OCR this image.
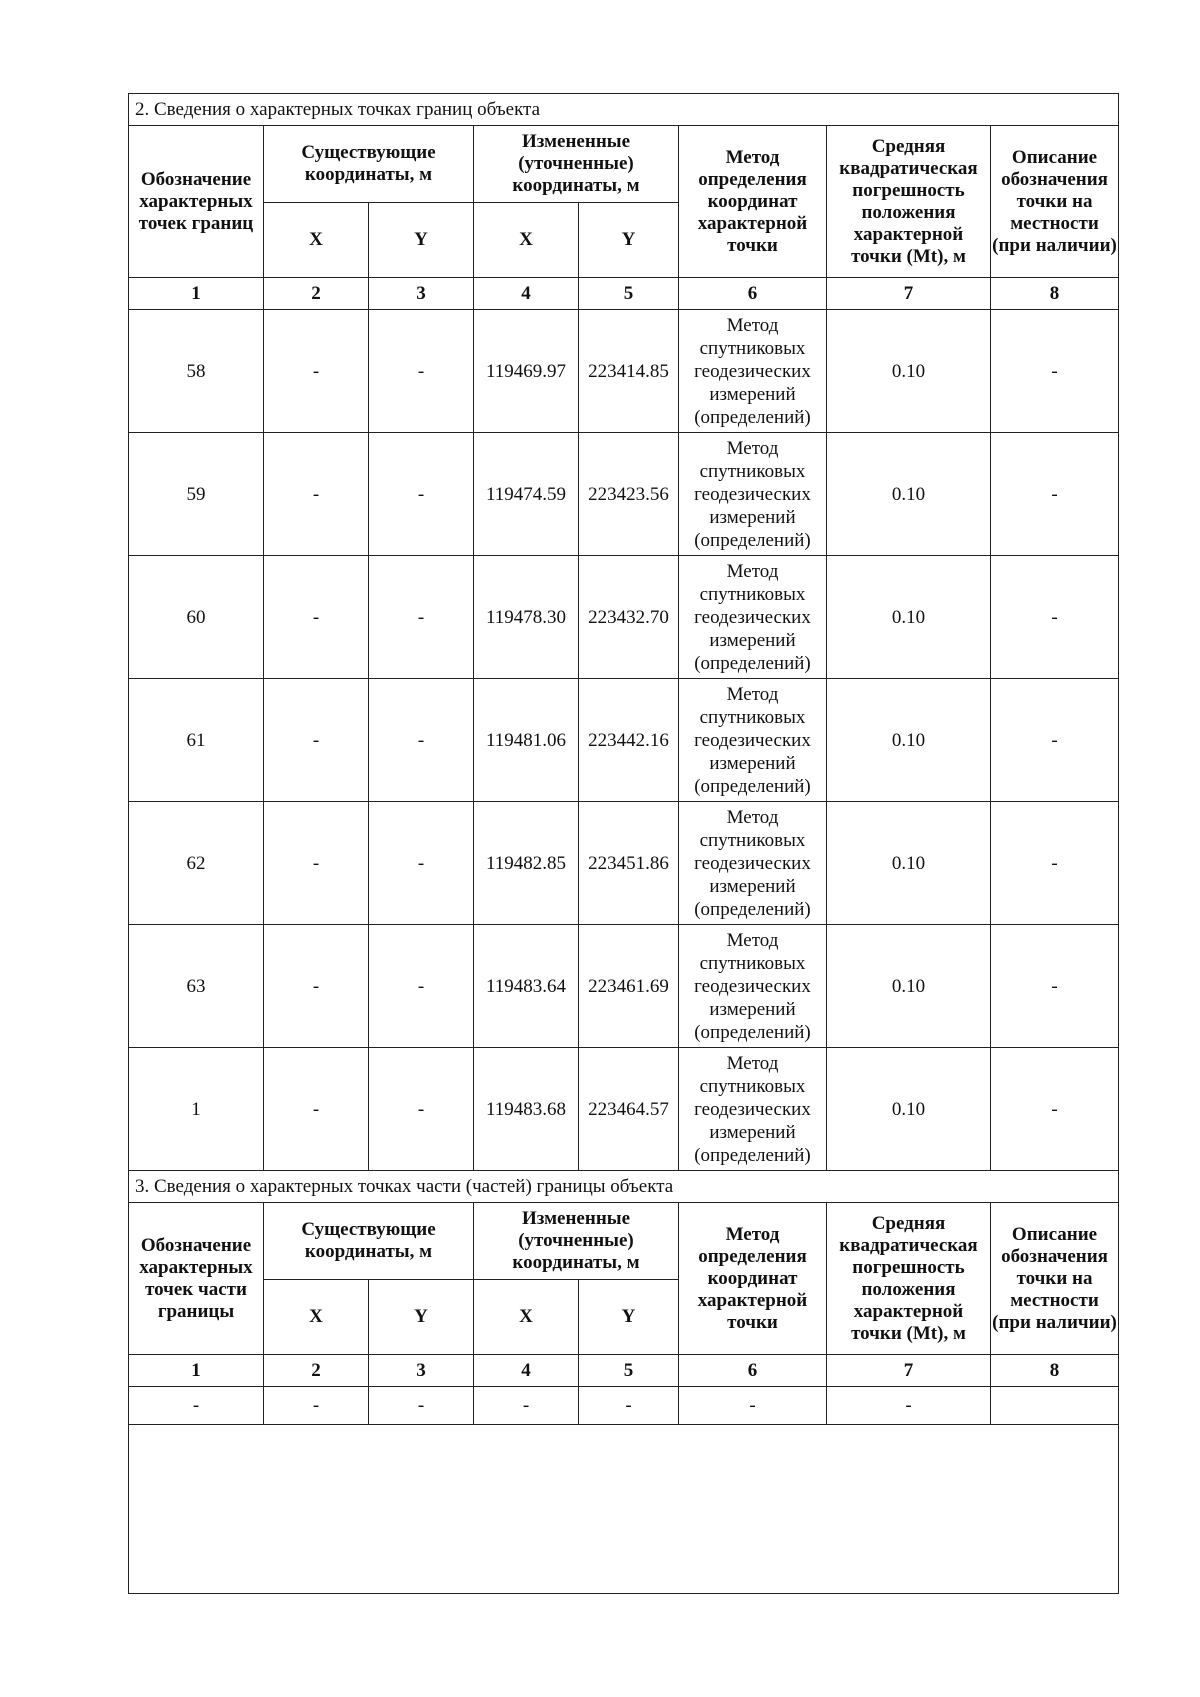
2. Сведения о характерных точках границ объекта							
Обозначение характерных точек границ	Существующие координаты, м		Измененные (уточненные) координаты, м		Метод определения координат характерной точки	Средняя квадратическая погрешность положения характерной точки (Mt), м	Описание обозначения точки на местности (при наличии)
	X	Y	X	Y			
1	2	3	4	5	6	7	8
58	-	-	119469.97	223414.85	Метод спутниковых геодезических измерений (определений)	0.10	-
59	-	-	119474.59	223423.56	Метод спутниковых геодезических измерений (определений)	0.10	-
60	-	-	119478.30	223432.70	Метод спутниковых геодезических измерений (определений)	0.10	-
61	-	-	119481.06	223442.16	Метод спутниковых геодезических измерений (определений)	0.10	-
62	-	-	119482.85	223451.86	Метод спутниковых геодезических измерений (определений)	0.10	-
63	-	-	119483.64	223461.69	Метод спутниковых геодезических измерений (определений)	0.10	-
1	-	-	119483.68	223464.57	Метод спутниковых геодезических измерений (определений)	0.10	-
3. Сведения о характерных точках части (частей) границы объекта							
Обозначение характерных точек части границы	Существующие координаты, м		Измененные (уточненные) координаты, м		Метод определения координат характерной точки	Средняя квадратическая погрешность положения характерной точки (Mt), м	Описание обозначения точки на местности (при наличии)
	X	Y	X	Y			
1	2	3	4	5	6	7	8
-	-	-	-	-	-	-	
